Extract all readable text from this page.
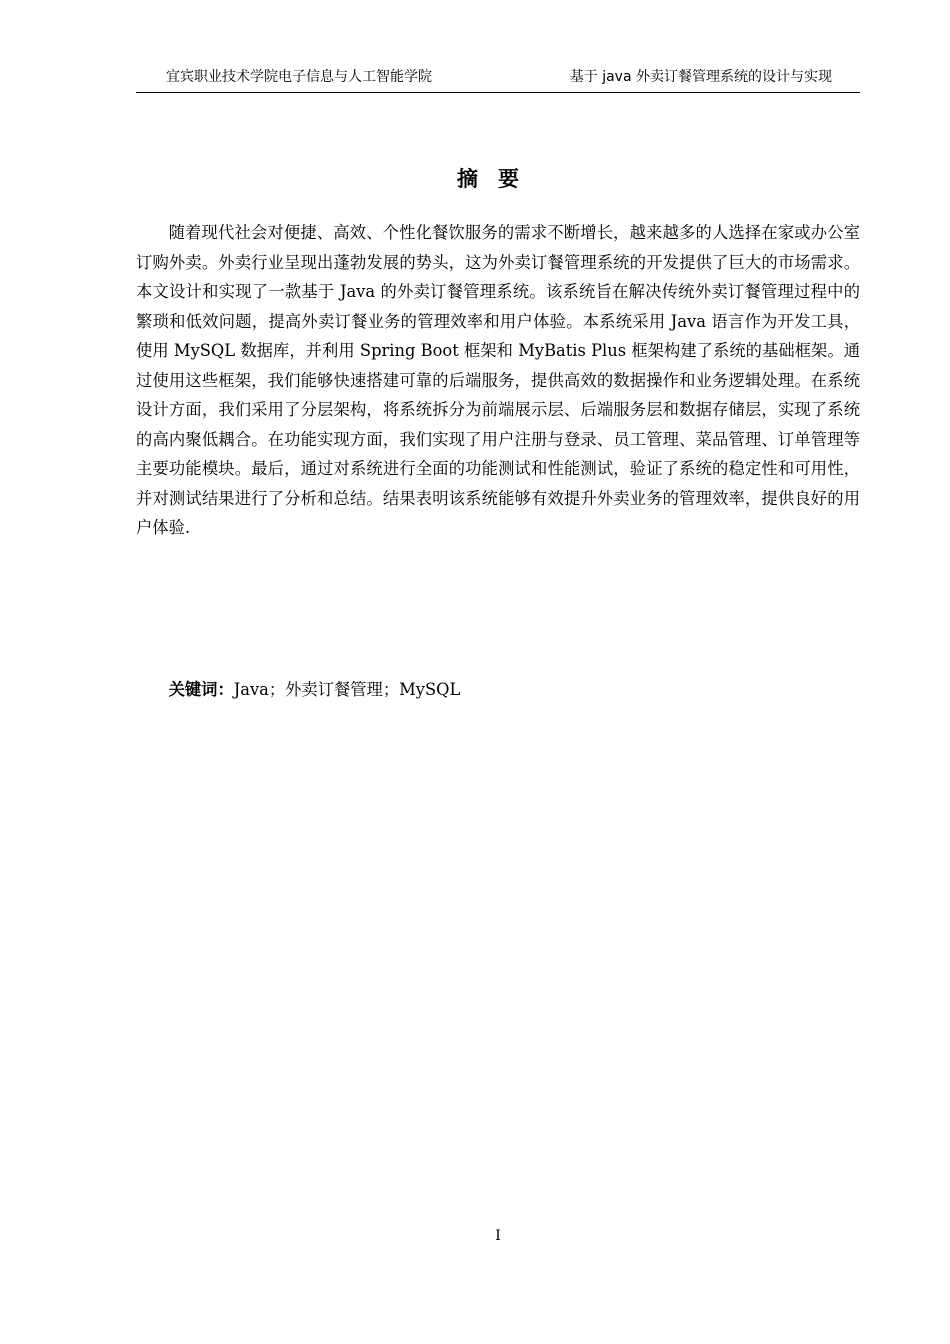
宜宾职业技术学院电子信息与人工智能学院	基于 java 外卖订餐管理系统的设计与实现
摘要

随着现代社会对便捷、高效、个性化餐饮服务的需求不断增长，越来越多的人选择在家或办公室订购外卖。外卖行业呈现出蓬勃发展的势头，这为外卖订餐管理系统的开发提供了巨大的市场需求。本文设计和实现了一款基于 Java 的外卖订餐管理系统。该系统旨在解决传统外卖订餐管理过程中的繁琐和低效问题，提高外卖订餐业务的管理效率和用户体验。本系统采用 Java 语言作为开发工具，使用 MySQL 数据库，并利用 Spring Boot 框架和 MyBatis Plus 框架构建了系统的基础框架。通过使用这些框架，我们能够快速搭建可靠的后端服务，提供高效的数据操作和业务逻辑处理。在系统设计方面，我们采用了分层架构，将系统拆分为前端展示层、后端服务层和数据存储层，实现了系统的高内聚低耦合。在功能实现方面，我们实现了用户注册与登录、员工管理、菜品管理、订单管理等主要功能模块。最后，通过对系统进行全面的功能测试和性能测试，验证了系统的稳定性和可用性，并对测试结果进行了分析和总结。结果表明该系统能够有效提升外卖业务的管理效率，提供良好的用户体验.

关键词：Java；外卖订餐管理；MySQL
I
